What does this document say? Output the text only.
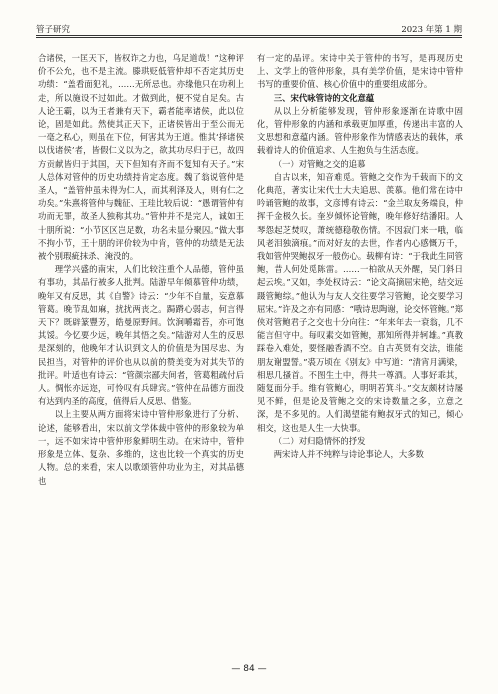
管子研究	2023 年第 1 期

合诸侯，一匡天下，皆权诈之力也，乌足道哉！”这种评价不公允，也不是主流。滕珙贬低管仲却不否定其历史功绩：“盖看面犯礼，……无所忌也。亦缘他只在功利上走，所以施设不过如此。才做到此，便不觉自足矣。古人论王霸，以为王者兼有天下，霸者能率诸侯，此以位论，固是如此。然使其正天下，正诸侯皆出于至公而无一毫之私心，则虽在下位，何害其为王道。惟其‘择诸侯以伐诸侯’者，皆假仁义以为之，欲其功尽归于已，故四方贡献皆归于其国，天下但知有齐而不复知有天子。”宋人总体对管仲的历史功绩持肯定态度。魏了翁说管仲是圣人，“盖管仲虽未得为仁人，而其利泽及人，则有仁之功矣。”朱熹将管仲与魏征、王珪比较后说：“愚谓管仲有功而无罪，故圣人独称其功。”管仲并不是完人，诚如王十朋所说：“小节区区岂足数，功名未显分聚囚。”做大事不拘小节，王十朋的评价较为中肯，管仲的功绩是无法被个别瑕疵抹杀、淹没的。

理学兴盛的南宋，人们比较注重个人品德，管仲虽有事功，其品行被多人批判。陆游早年倾慕管仲功绩，晚年又有反思，其《自警》诗云：“少年不自量，妄意慕管葛。晚节乱如麻，扰扰两丧之。跼蹐心弱志，何言得天下？既辟篆豐芳，皓曼原野间。饮涧嚼霜苔，亦可饱其馁。今忆要少远，晚年其悟之矣。”陆游对人生的反思是深刻的，他晚年才认识到文人的价值是为国尽忠、为民担当，对管仲的评价也从以前的赞美变为对其失节的批评。叶适也有诗云：“管颜宗鄙夫间者，管葛粗疏付后人。惆怅亦远迩，可怜叹有兵肆宾。”管仲在品德方面没有达到内圣的高度，值得后人反思、借鉴。

以上主要从两方面将宋诗中管仲形象进行了分析、论述，能够看出，宋以前文学体裁中管仲的形象较为单一，远不如宋诗中管仲形象鲜明生动。在宋诗中，管仲形象是立体、复杂、多维的，这也比较一个真实的历史人物。总的来看，宋人以歌颂管仲功业为主，对其品德也

有一定的品评。宋诗中关于管仲的书写，是再现历史上、文学上的管仲形象，具有美学价值，是宋诗中管仲书写的重要价值、核心价值中的重要组成部分。

三、宋代咏管诗的文化意蕴

从以上分析能够发现，管仲形象逐渐在诗歌中固化，管仲形象的内涵和承载更加厚重，传递出丰富的人文思想和意蕴内涵。管仲形象作为情感表达的载体，承载着诗人的价值追求、人生抱负与生活态度。

（一）对管鲍之交的追慕

自古以来，知音难觅。管鲍之交作为千载而下的文化典范，著实让宋代士大夫追思、羡慕。他们常在诗中吟诵管鲍的故事，文彦博有诗云：“金兰取友务端良，仲挥千金极久长。奎岁倾怀论管鲍，晚年修好结潘阳。人琴怨起芝焚叹，萧统德稳敬伤情。不因寂门来一哦，临风老泪独滴痕。”而对好友的去世，作者内心感慨万千，我如管仲哭鲍叔牙一般伤心。载柳有诗：“于我此生同管鲍，昔人何处觅陈雷。……一柏欲从天外醒，吴门斜日起云埃。”又如，李处权诗云：“论文高摘屈宋艳，结交远蹑管鲍综。”他认为与友人交往要学习管鲍，论交要学习屈宋。”许及之亦有同感：“哦诗思陶谢，论交怀管鲍。”郑侠对管鲍君子之交也十分向往：“年来年去一衰翁，几不能言但守中。每叹素交如管鲍，那知所得并轲雄。”真教踩卷入难处，要怪融香酒不空。自古英贤有交法，谁能朋友谢盟誓。”裘万顷在《别友》中写道：“清宵月满梁，相思几搔首。不图生土中，得共一尊酒。人事好乖其，随复面分手。维有管鲍心，明明若箕斗。”交友颇材诗屡见不鲜，但是论及管鲍之交的宋诗数量之多，立意之深，是不多见的。人们渴望能有鲍叔牙式的知己，倾心相交，这也是人生一大快事。

（二）对归隐情怀的抒发

两宋诗人并不纯粹与诗论事论人，大多数

— 84 —
